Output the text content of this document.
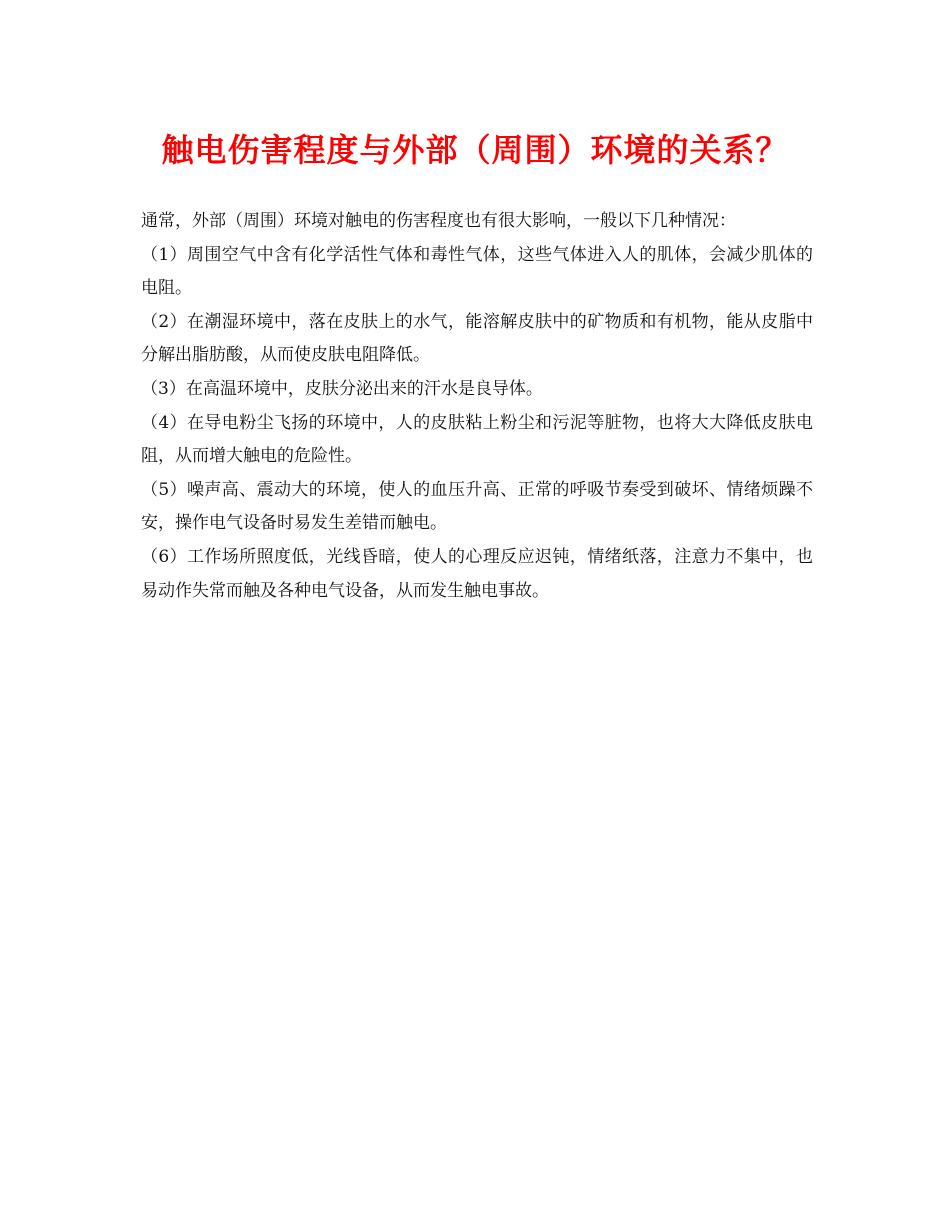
触电伤害程度与外部（周围）环境的关系？

通常，外部（周围）环境对触电的伤害程度也有很大影响，一般以下几种情况：

（1）周围空气中含有化学活性气体和毒性气体，这些气体进入人的肌体，会减少肌体的电阻。

（2）在潮湿环境中，落在皮肤上的水气，能溶解皮肤中的矿物质和有机物，能从皮脂中分解出脂肪酸，从而使皮肤电阻降低。

（3）在高温环境中，皮肤分泌出来的汗水是良导体。

（4）在导电粉尘飞扬的环境中，人的皮肤粘上粉尘和污泥等脏物，也将大大降低皮肤电阻，从而增大触电的危险性。

（5）噪声高、震动大的环境，使人的血压升高、正常的呼吸节奏受到破坏、情绪烦躁不安，操作电气设备时易发生差错而触电。

（6）工作场所照度低，光线昏暗，使人的心理反应迟钝，情绪纸落，注意力不集中，也易动作失常而触及各种电气设备，从而发生触电事故。
